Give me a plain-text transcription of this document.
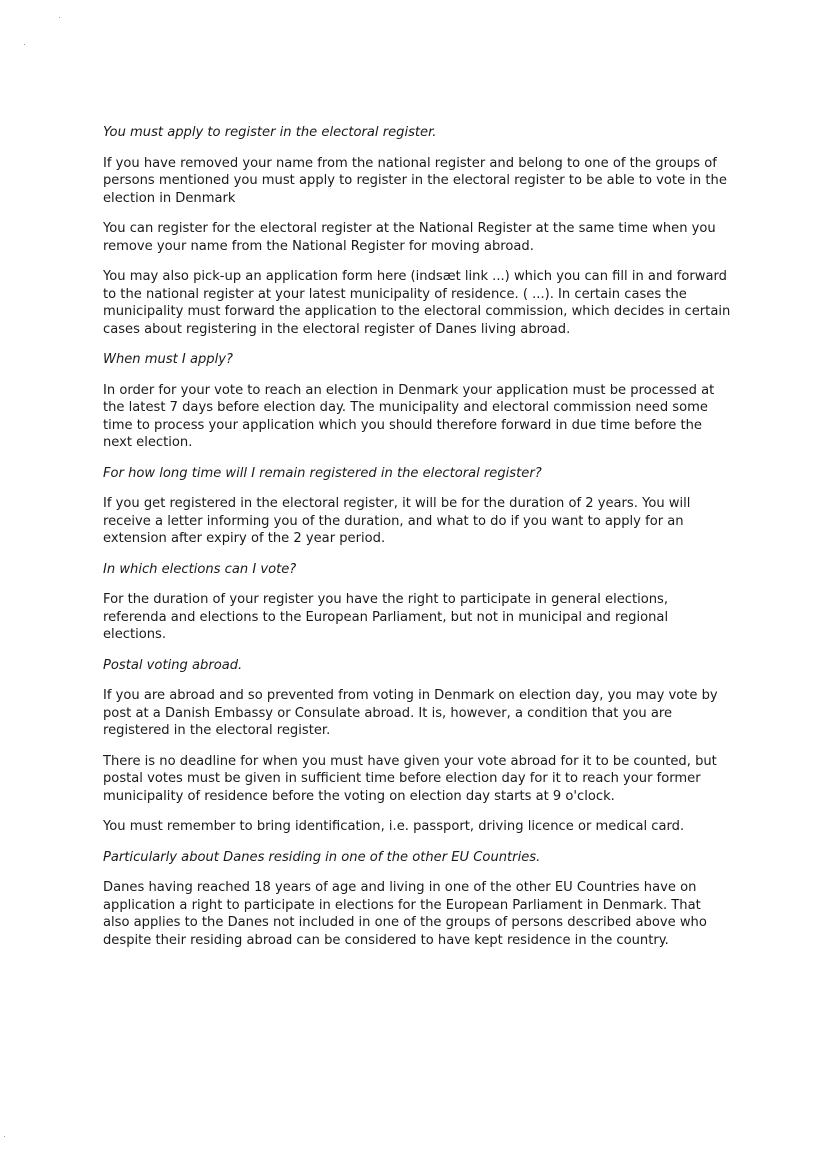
You must apply to register in the electoral register.
If you have removed your name from the national register and belong to one of the groups of
persons mentioned you must apply to register in the electoral register to be able to vote in the
election in Denmark
You can register for the electoral register at the National Register at the same time when you
remove your name from the National Register for moving abroad.
You may also pick-up an application form here (indsæt link ...) which you can fill in and forward
to the national register at your latest municipality of residence. ( ...). In certain cases the
municipality must forward the application to the electoral commission, which decides in certain
cases about registering in the electoral register of Danes living abroad.
When must I apply?
In order for your vote to reach an election in Denmark your application must be processed at
the latest 7 days before election day. The municipality and electoral commission need some
time to process your application which you should therefore forward in due time before the
next election.
For how long time will I remain registered in the electoral register?
If you get registered in the electoral register, it will be for the duration of 2 years. You will
receive a letter informing you of the duration, and what to do if you want to apply for an
extension after expiry of the 2 year period.
In which elections can I vote?
For the duration of your register you have the right to participate in general elections,
referenda and elections to the European Parliament, but not in municipal and regional
elections.
Postal voting abroad.
If you are abroad and so prevented from voting in Denmark on election day, you may vote by
post at a Danish Embassy or Consulate abroad. It is, however, a condition that you are
registered in the electoral register.
There is no deadline for when you must have given your vote abroad for it to be counted, but
postal votes must be given in sufficient time before election day for it to reach your former
municipality of residence before the voting on election day starts at 9 o'clock.
You must remember to bring identification, i.e. passport, driving licence or medical card.
Particularly about Danes residing in one of the other EU Countries.
Danes having reached 18 years of age and living in one of the other EU Countries have on
application a right to participate in elections for the European Parliament in Denmark. That
also applies to the Danes not included in one of the groups of persons described above who
despite their residing abroad can be considered to have kept residence in the country.
